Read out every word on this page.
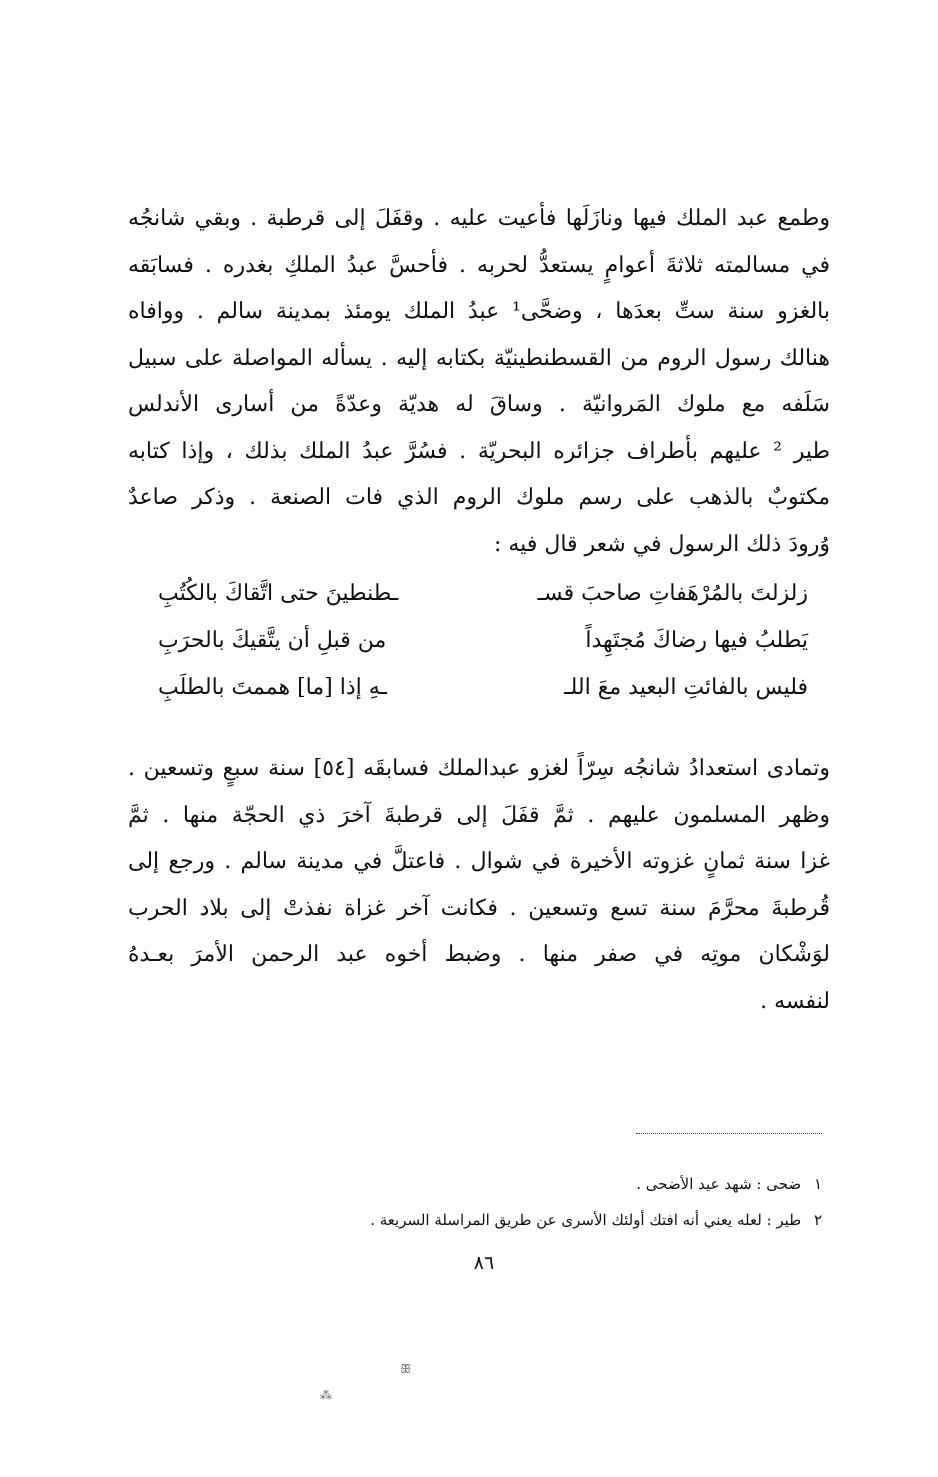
وطمع عبد الملك فيها ونازَلَها فأعيت عليه . وقفَلَ إلى قرطبة . وبقي شانجُه
في مسالمته ثلاثةَ أعوامٍ يستعدُّ لحربه . فأحسَّ عبدُ الملكِ بغدره . فسابَقه
بالغزو سنة ستِّ بعدَها ، وضحَّى¹ عبدُ الملك يومئذ بمدينة سالم . ووافاه
هنالك رسول الروم من القسطنطينيّة بكتابه إليه . يسأله المواصلة على سبيل
سَلَفه مع ملوك المَروانيّة . وساقَ له هديّة وعدّةً من أسارى الأندلس
طير ² عليهم بأطراف جزائره البحريّة . فسُرَّ عبدُ الملك بذلك ، وإذا كتابه
مكتوبٌ بالذهب على رسم ملوك الروم الذي فات الصنعة . وذكر صاعدٌ
وُرودَ ذلك الرسول في شعر قال فيه :
زلزلتَ بالمُرْهَفاتِ صاحبَ قسـ
ـطنطينَ حتى اتَّقاكَ بالكُتُبِ
يَطلبُ فيها رضاكَ مُجتَهِداً
من قبلِ أن يتَّقيكَ بالحرَبِ
فليس بالفائتِ البعيد معَ اللـ
ـهِ إذا [ما] هممتَ بالطلَبِ
وتمادى استعدادُ شانجُه سِرّاً لغزو عبدالملك فسابقَه [٥٤] سنة سبعٍ وتسعين .
وظهر المسلمون عليهم . ثمَّ قفَلَ إلى قرطبةَ آخرَ ذي الحجّة منها . ثمَّ
غزا سنة ثمانٍ غزوته الأخيرة في شوال . فاعتلَّ في مدينة سالم . ورجع إلى
قُرطبةَ محرَّمَ سنة تسع وتسعين . فكانت آخر غزاة نفذتْ إلى بلاد الحرب
لوَشْكان موتِه في صفر منها . وضبط أخوه عبد الرحمن الأمرَ بعـدهُ
لنفسه .
١ ضحى : شهد عيد الأضحى .
٢ طير : لعله يعني أنه افتك أولئك الأسرى عن طريق المراسلة السريعة .
٨٦
ꕥ
⁂
